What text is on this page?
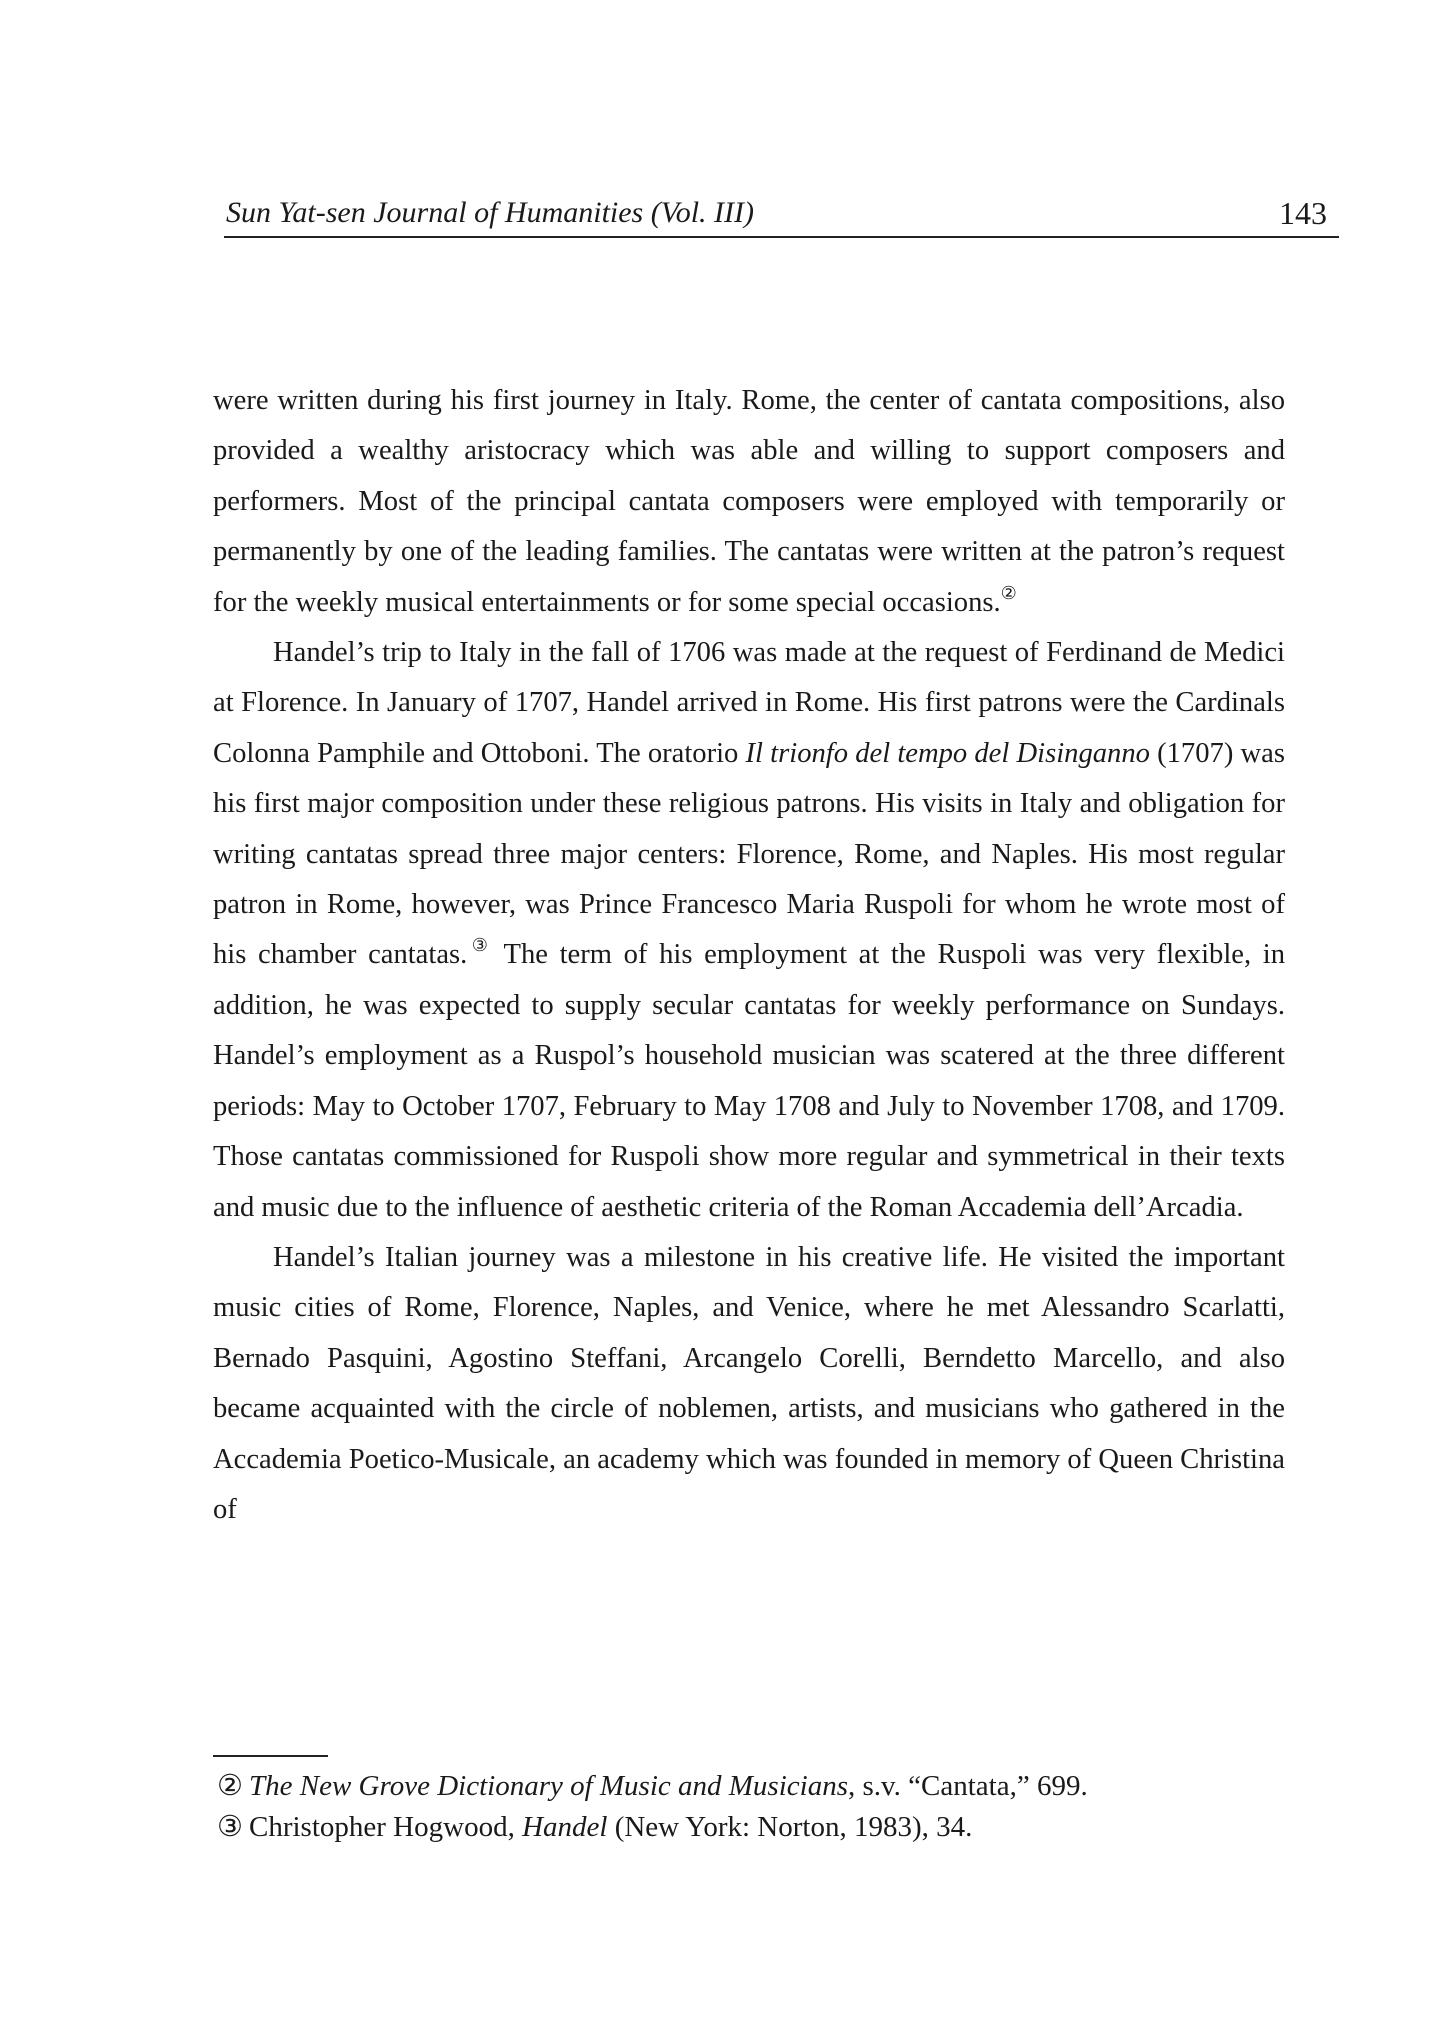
Sun Yat-sen Journal of Humanities (Vol. III)	143

were written during his first journey in Italy. Rome, the center of cantata compositions, also provided a wealthy aristocracy which was able and willing to support composers and performers. Most of the principal cantata composers were employed with temporarily or permanently by one of the leading families. The cantatas were written at the patron’s request for the weekly musical entertainments or for some special occasions.②

Handel’s trip to Italy in the fall of 1706 was made at the request of Ferdinand de Medici at Florence. In January of 1707, Handel arrived in Rome. His first patrons were the Cardinals Colonna Pamphile and Ottoboni. The oratorio Il trionfo del tempo del Disinganno (1707) was his first major composition under these religious patrons. His visits in Italy and obligation for writing cantatas spread three major centers: Florence, Rome, and Naples. His most regular patron in Rome, however, was Prince Francesco Maria Ruspoli for whom he wrote most of his chamber cantatas.③ The term of his employment at the Ruspoli was very flexible, in addition, he was expected to supply secular cantatas for weekly performance on Sundays. Handel’s employment as a Ruspol’s household musician was scatered at the three different periods: May to October 1707, February to May 1708 and July to November 1708, and 1709. Those cantatas commissioned for Ruspoli show more regular and symmetrical in their texts and music due to the influence of aesthetic criteria of the Roman Accademia dell’Arcadia.

Handel’s Italian journey was a milestone in his creative life. He visited the important music cities of Rome, Florence, Naples, and Venice, where he met Alessandro Scarlatti, Bernado Pasquini, Agostino Steffani, Arcangelo Corelli, Berndetto Marcello, and also became acquainted with the circle of noblemen, artists, and musicians who gathered in the Accademia Poetico-Musicale, an academy which was founded in memory of Queen Christina of

② The New Grove Dictionary of Music and Musicians, s.v. “Cantata,” 699.
③ Christopher Hogwood, Handel (New York: Norton, 1983), 34.
